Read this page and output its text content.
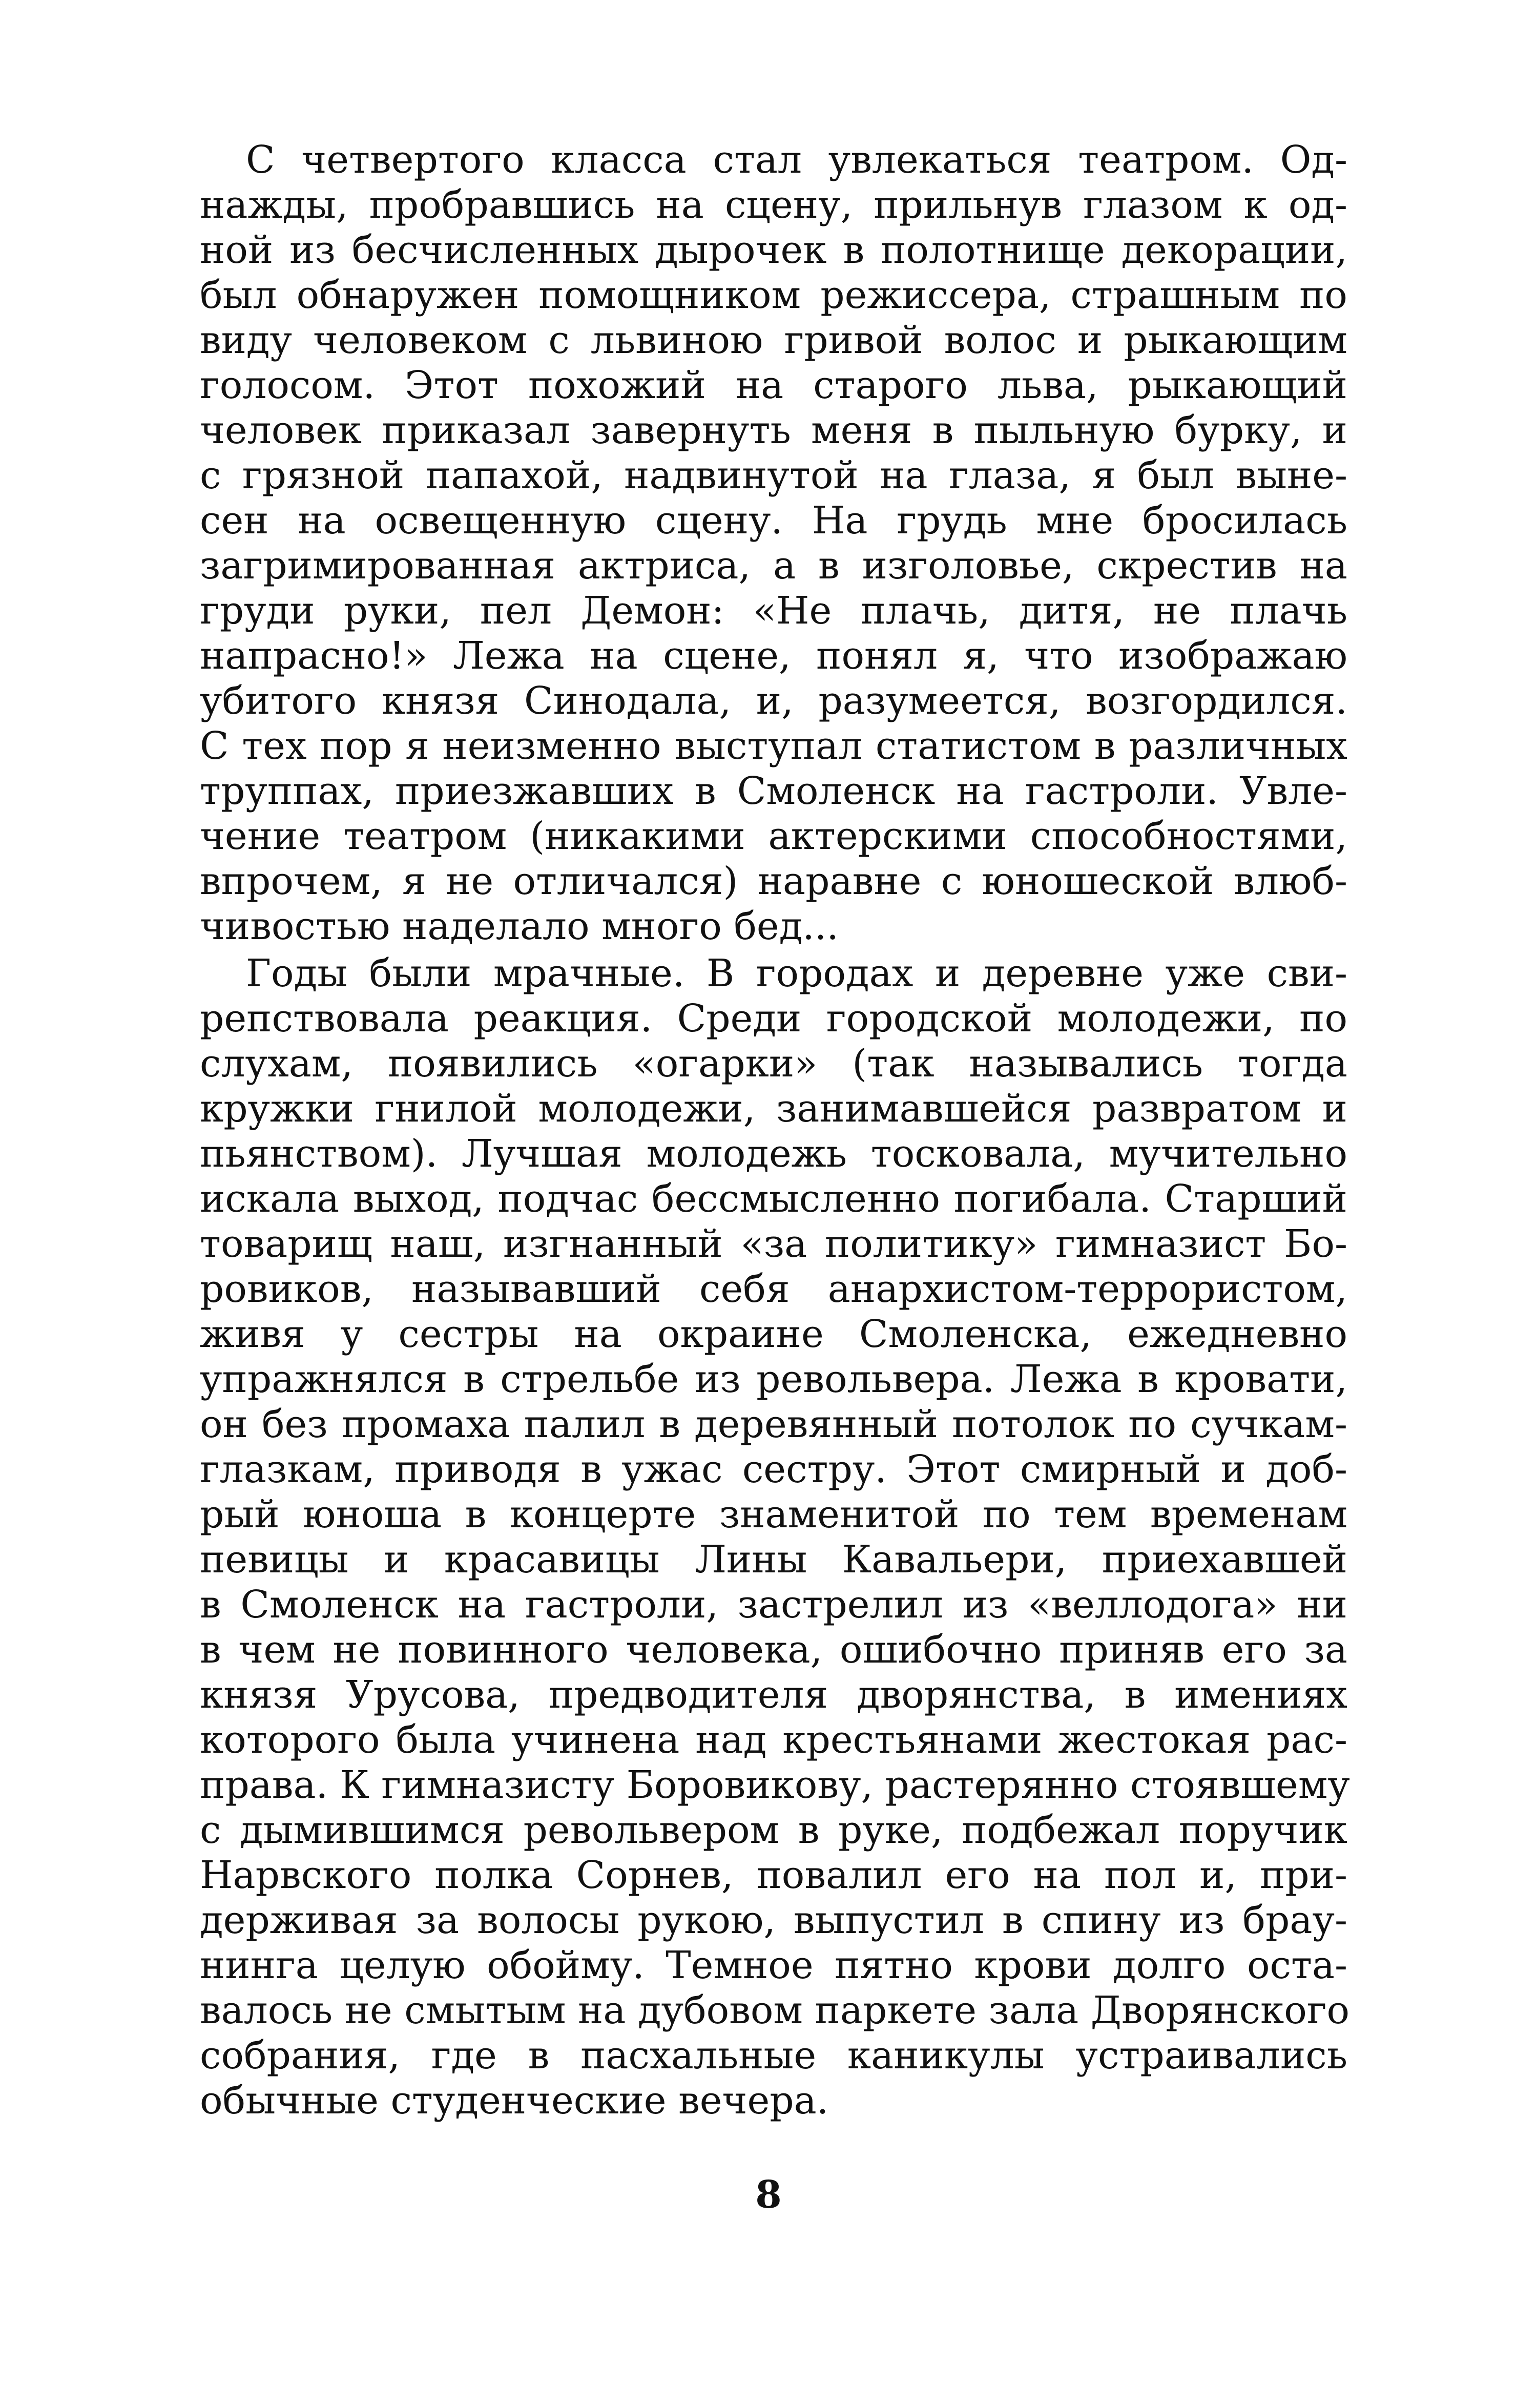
С четвертого класса стал увлекаться театром. Од-
нажды, пробравшись на сцену, прильнув глазом к од-
ной из бесчисленных дырочек в полотнище декорации,
был обнаружен помощником режиссера, страшным по
виду человеком с львиною гривой волос и рыкающим
голосом. Этот похожий на старого льва, рыкающий
человек приказал завернуть меня в пыльную бурку, и
с грязной папахой, надвинутой на глаза, я был выне-
сен на освещенную сцену. На грудь мне бросилась
загримированная актриса, а в изголовье, скрестив на
груди руки, пел Демон: «Не плачь, дитя, не плачь
напрасно!» Лежа на сцене, понял я, что изображаю
убитого князя Синодала, и, разумеется, возгордился.
С тех пор я неизменно выступал статистом в различных
труппах, приезжавших в Смоленск на гастроли. Увле-
чение театром (никакими актерскими способностями,
впрочем, я не отличался) наравне с юношеской влюб-
чивостью наделало много бед...
Годы были мрачные. В городах и деревне уже сви-
репствовала реакция. Среди городской молодежи, по
слухам, появились «огарки» (так назывались тогда
кружки гнилой молодежи, занимавшейся развратом и
пьянством). Лучшая молодежь тосковала, мучительно
искала выход, подчас бессмысленно погибала. Старший
товарищ наш, изгнанный «за политику» гимназист Бо-
ровиков, называвший себя анархистом-террористом,
живя у сестры на окраине Смоленска, ежедневно
упражнялся в стрельбе из револьвера. Лежа в кровати,
он без промаха палил в деревянный потолок по сучкам-
глазкам, приводя в ужас сестру. Этот смирный и доб-
рый юноша в концерте знаменитой по тем временам
певицы и красавицы Лины Кавальери, приехавшей
в Смоленск на гастроли, застрелил из «веллодога» ни
в чем не повинного человека, ошибочно приняв его за
князя Урусова, предводителя дворянства, в имениях
которого была учинена над крестьянами жестокая рас-
права. К гимназисту Боровикову, растерянно стоявшему
с дымившимся револьвером в руке, подбежал поручик
Нарвского полка Сорнев, повалил его на пол и, при-
держивая за волосы рукою, выпустил в спину из брау-
нинга целую обойму. Темное пятно крови долго оста-
валось не смытым на дубовом паркете зала Дворянского
собрания, где в пасхальные каникулы устраивались
обычные студенческие вечера.
8
